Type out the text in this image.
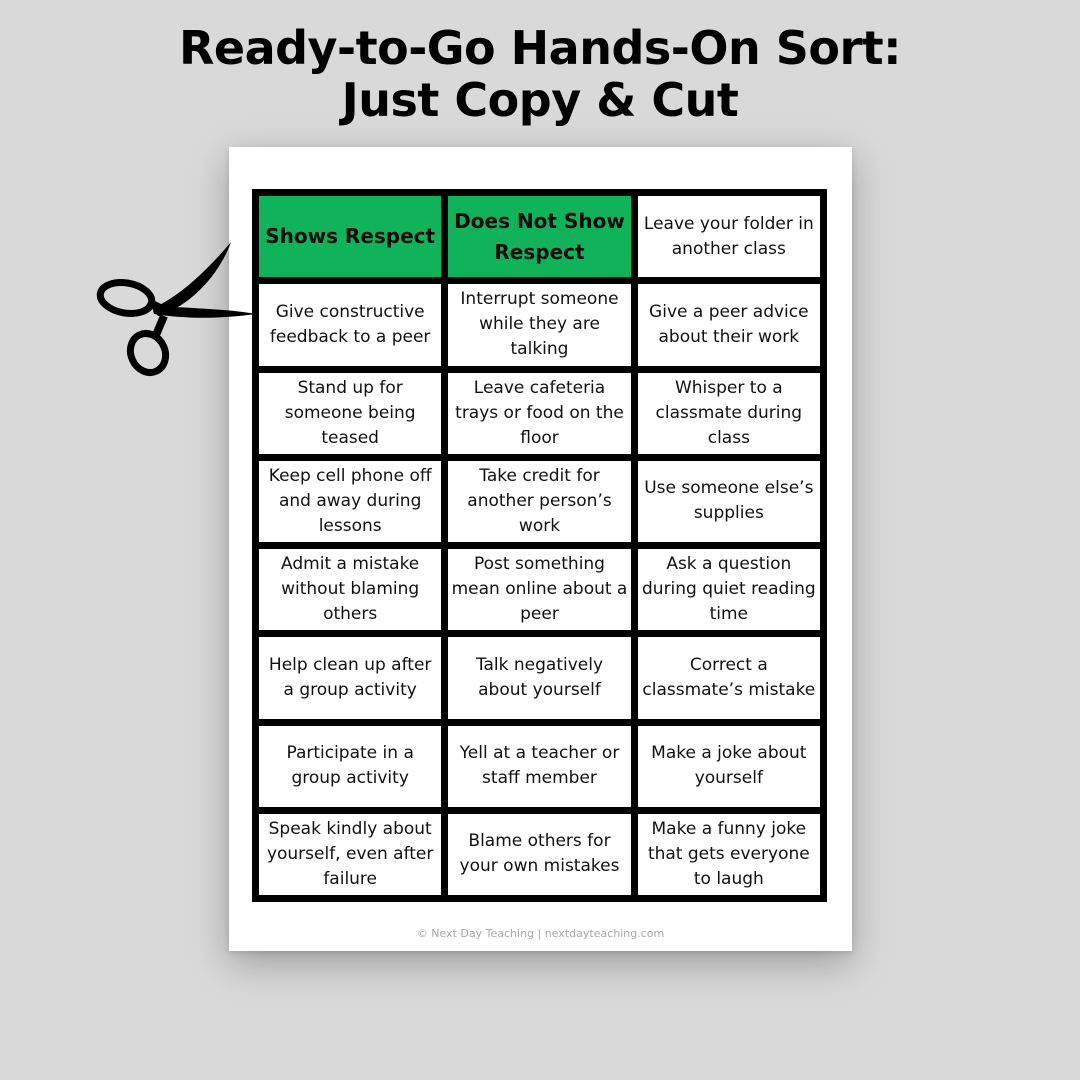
Ready-to-Go Hands-On Sort:
Just Copy & Cut
Shows Respect
Does Not Show Respect
Leave your folder in another class
Give constructive feedback to a peer
Interrupt someone while they are talking
Give a peer advice about their work
Stand up for someone being teased
Leave cafeteria trays or food on the floor
Whisper to a classmate during class
Keep cell phone off and away during lessons
Take credit for another person’s work
Use someone else’s supplies
Admit a mistake without blaming others
Post something mean online about a peer
Ask a question during quiet reading time
Help clean up after a group activity
Talk negatively about yourself
Correct a classmate’s mistake
Participate in a group activity
Yell at a teacher or staff member
Make a joke about yourself
Speak kindly about yourself, even after failure
Blame others for your own mistakes
Make a funny joke that gets everyone to laugh
© Next Day Teaching | nextdayteaching.com
